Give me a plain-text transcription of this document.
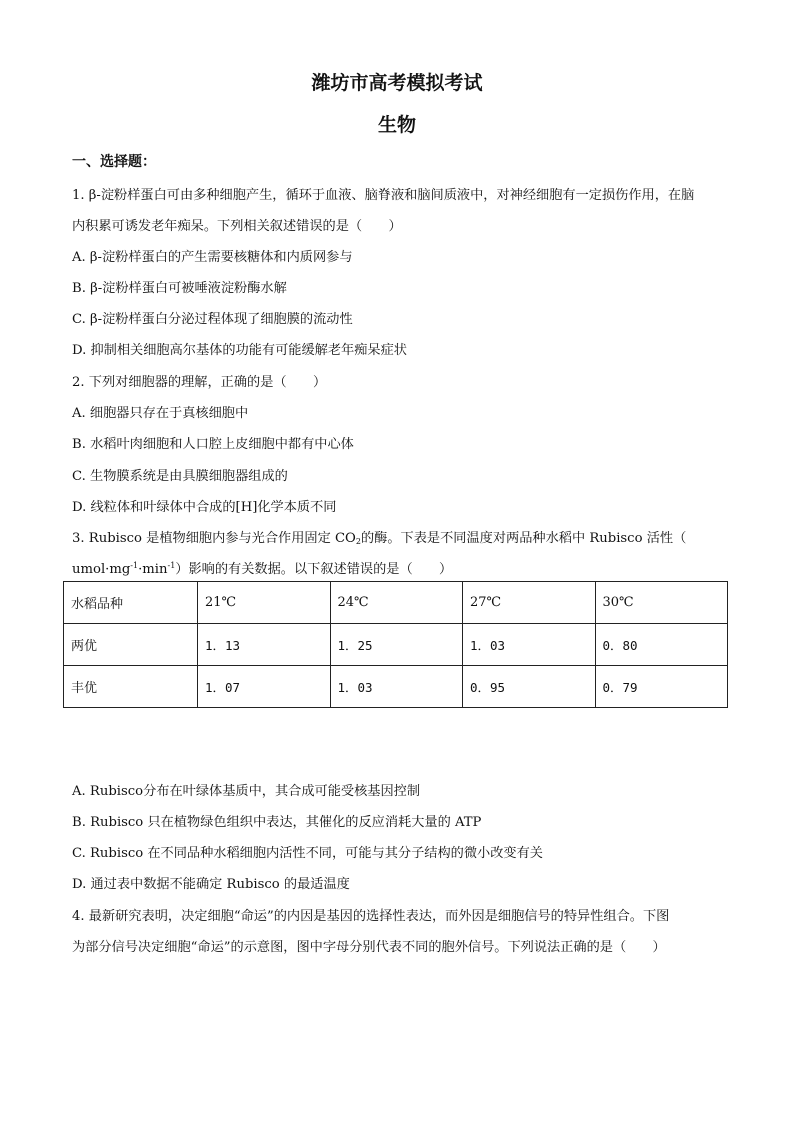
潍坊市高考模拟考试
生物
一、选择题：
1. β-淀粉样蛋白可由多种细胞产生，循环于血液、脑脊液和脑间质液中，对神经细胞有一定损伤作用，在脑
内积累可诱发老年痴呆。下列相关叙述错误的是（　　）
A. β-淀粉样蛋白的产生需要核糖体和内质网参与
B. β-淀粉样蛋白可被唾液淀粉酶水解
C. β-淀粉样蛋白分泌过程体现了细胞膜的流动性
D. 抑制相关细胞高尔基体的功能有可能缓解老年痴呆症状
2. 下列对细胞器的理解，正确的是（　　）
A. 细胞器只存在于真核细胞中
B. 水稻叶肉细胞和人口腔上皮细胞中都有中心体
C. 生物膜系统是由具膜细胞器组成的
D. 线粒体和叶绿体中合成的[H]化学本质不同
3. Rubisco 是植物细胞内参与光合作用固定 $CO_2$的酶。下表是不同温度对两品种水稻中 Rubisco 活性（
$umol\cdot mg^{-1}\cdot\min^{-1}$）影响的有关数据。以下叙述错误的是（　　）
水稻品种	21℃	24℃	27℃	30℃
两优	1．13	1．25	1．03	0．80
丰优	1．07	1．03	0．95	0．79
A. Rubisco分布在叶绿体基质中，其合成可能受核基因控制
B. Rubisco 只在植物绿色组织中表达，其催化的反应消耗大量的 ATP
C. Rubisco 在不同品种水稻细胞内活性不同，可能与其分子结构的微小改变有关
D. 通过表中数据不能确定 Rubisco 的最适温度
4. 最新研究表明，决定细胞“命运”的内因是基因的选择性表达，而外因是细胞信号的特异性组合。下图
为部分信号决定细胞“命运”的示意图，图中字母分别代表不同的胞外信号。下列说法正确的是（　　）
